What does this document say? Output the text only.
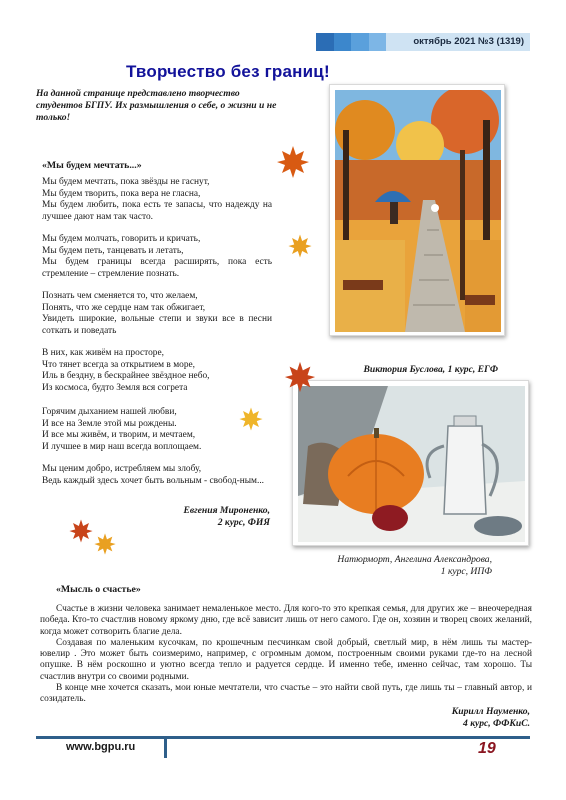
октябрь 2021 №3 (1319)
Творчество без границ!
На данной странице представлено творчество студентов БГПУ. Их размышления о себе, о жизни и не только!
«Мы будем мечтать...»
Мы будем мечтать, пока звёзды не гаснут,
Мы будем творить, пока вера не гласна,
Мы будем любить, пока есть те запасы, что надежду на лучшее дают нам так часто.
Мы будем молчать, говорить и кричать,
Мы будем петь, танцевать и летать,
Мы будем границы всегда расширять, пока есть стремление – стремление познать.
Познать чем сменяется то, что желаем,
Понять, что же сердце нам так обжигает,
Увидеть широкие, вольные степи и звуки все в песни соткать и поведать
В них, как живём на просторе,
Что тянет всегда за открытием в море,
Иль в бездну, в бескрайнее звёздное небо,
Из космоса, будто Земля вся согрета
Горячим дыханием нашей любви,
И все на Земле этой мы рождены.
И все мы живём, и творим, и мечтаем,
И лучшее в мир наш всегда воплощаем.
Мы ценим добро, истребляем мы злобу,
Ведь каждый здесь хочет быть вольным - свобод-ным...
Евгения Мироненко,
2 курс, ФИЯ
Виктория Буслова, 1 курс, ЕГФ
Натюрморт, Ангелина Александрова,
1 курс, ИПФ
«Мысль о счастье»

Счастье в жизни человека занимает немаленькое место. Для кого-то это крепкая семья, для других же – внеочередная победа. Кто-то счастлив новому яркому дню, где всё зависит лишь от него самого. Где он, хозяин и творец своих желаний, когда может сотворить благие дела.

Создавая по маленьким кусочкам, по крошечным песчинкам свой добрый, светлый мир, в нём лишь ты мастер-ювелир . Это может быть соизмеримо, например, с огромным домом, построенным своими руками где-то на лесной опушке. В нём роскошно и уютно всегда тепло и радуется сердце. И именно тебе, именно сейчас, там хорошо. Ты счастлив внутри со своими родными.

В конце мне хочется сказать, мои юные мечтатели, что счастье – это найти свой путь, где лишь ты – главный автор, и созидатель.

Кирилл Науменко,
4 курс, ФФКиС.
www.bgpu.ru	19
